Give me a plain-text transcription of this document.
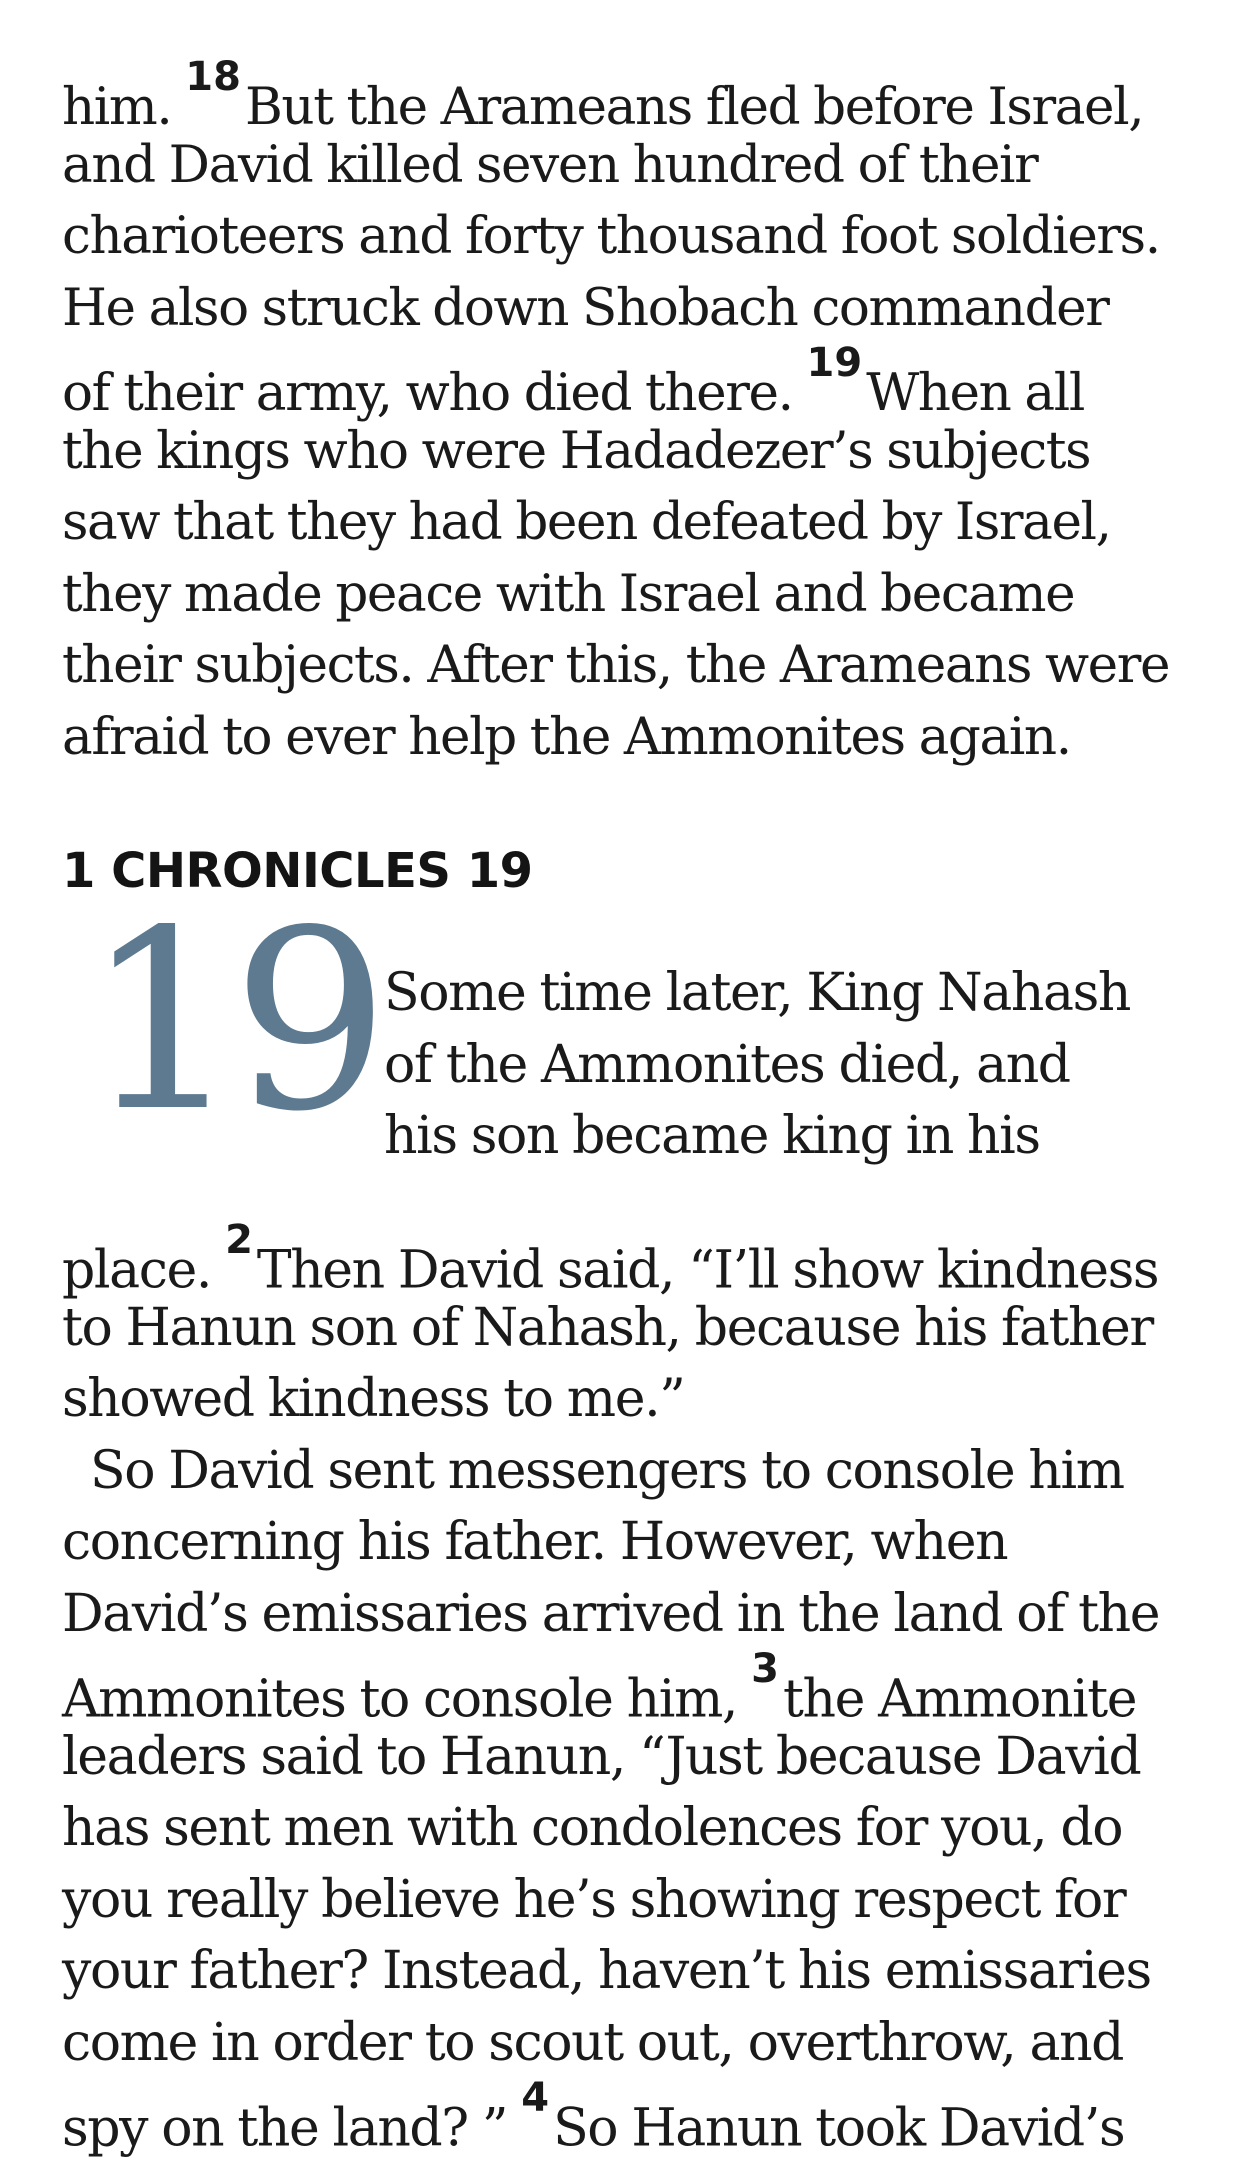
him. $^{18}$But the Arameans fled before Israel,
and David killed seven hundred of their
charioteers and forty thousand foot soldiers.
He also struck down Shobach commander
of their army, who died there. $^{19}$When all
the kings who were Hadadezer’s subjects
saw that they had been defeated by Israel,
they made peace with Israel and became
their subjects. After this, the Arameans were
afraid to ever help the Ammonites again.
1 CHRONICLES 19
19 Some time later, King Nahash
of the Ammonites died, and
his son became king in his
place. $^2$Then David said, “I’ll show kindness
to Hanun son of Nahash, because his father
showed kindness to me.”
So David sent messengers to console him
concerning his father. However, when
David’s emissaries arrived in the land of the
Ammonites to console him, $^3$the Ammonite
leaders said to Hanun, “Just because David
has sent men with condolences for you, do
you really believe he’s showing respect for
your father? Instead, haven’t his emissaries
come in order to scout out, overthrow, and
spy on the land? ” $^4$So Hanun took David’s
